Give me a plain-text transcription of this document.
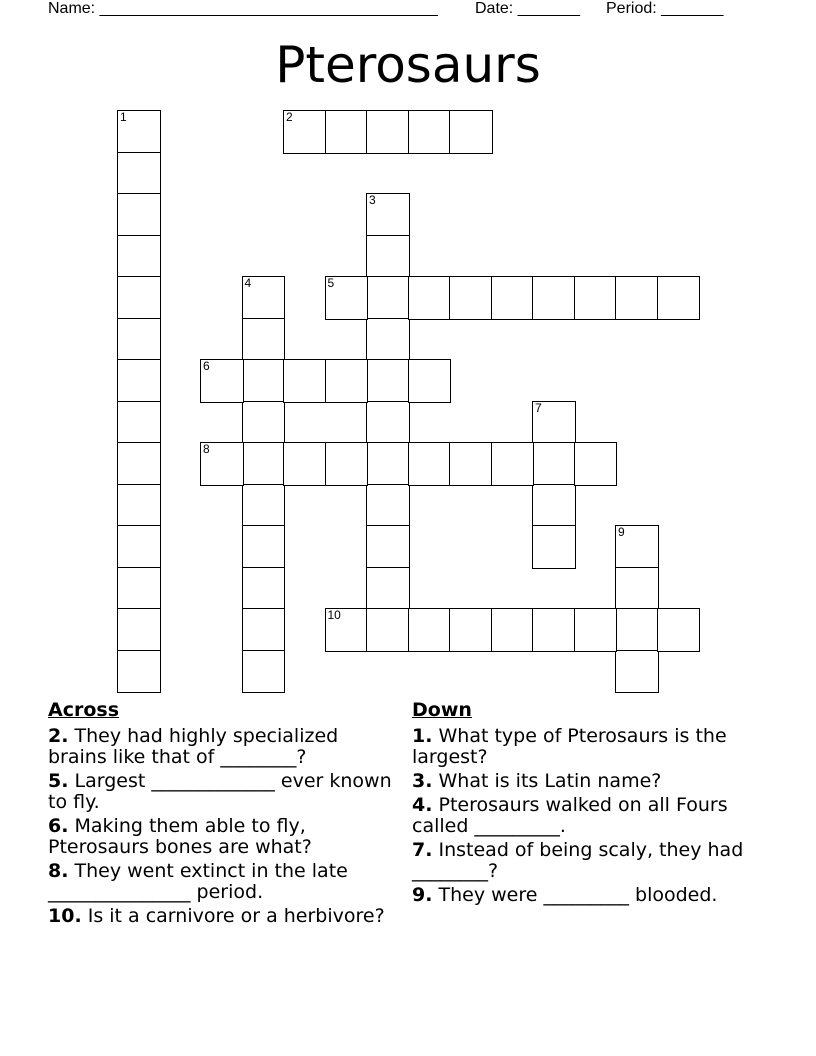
Name: ______________________________________ Date: _______ Period: _______
Pterosaurs
1	2
3
4	5
6
7
8
9
10
Across
2. They had highly specialized brains like that of ________?
5. Largest _____________ ever known to fly.
6. Making them able to fly, Pterosaurs bones are what?
8. They went extinct in the late _______________ period.
10. Is it a carnivore or a herbivore?
Down
1. What type of Pterosaurs is the largest?
3. What is its Latin name?
4. Pterosaurs walked on all Fours called _________.
7. Instead of being scaly, they had ________?
9. They were _________ blooded.
